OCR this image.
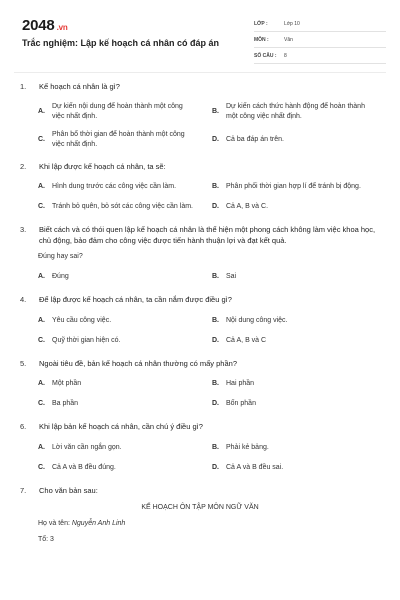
2048 .vn
Trắc nghiệm: Lập kế hoạch cá nhân có đáp án
LỚP :	Lớp 10
MÔN :	Văn
SỐ CÂU :	8
1.	Kế hoạch cá nhân là gì?
A.
Dự kiến nội dung để hoàn thành một công việc nhất định.
B.
Dự kiến cách thức hành động để hoàn thành một công việc nhất định.
C.
Phân bổ thời gian để hoàn thành một công việc nhất định.
D.	Cả ba đáp án trên.
2.	Khi lập được kế hoạch cá nhân, ta sẽ:
A.	Hình dung trước các công việc cần làm.	B.	Phân phối thời gian hợp lí để tránh bị động.
C.	Tránh bỏ quên, bỏ sót các công việc cần làm.	D.	Cả A, B và C.
3.	Biết cách và có thói quen lập kế hoạch cá nhân là thể hiện một phong cách không làm việc khoa học, chủ động, bảo đảm cho công việc được tiến hành thuận lợi và đạt kết quả.
Đúng hay sai?
A.	Đúng	B.	Sai
4.	Để lập được kế hoạch cá nhân, ta cần nắm được điều gì?
A.	Yêu cầu công việc.	B.	Nội dung công việc.
C.	Quỹ thời gian hiện có.	D.	Cả A, B và C
5.	Ngoài tiêu đề, bản kế hoạch cá nhân thường có mấy phần?
A.	Một phần	B.	Hai phần
C.	Ba phần	D.	Bốn phần
6.	Khi lập bản kế hoạch cá nhân, cần chú ý điều gì?
A.	Lời văn cần ngắn gọn.	B.	Phải kẻ bảng.
C.	Cả A và B đều đúng.	D.	Cả A và B đều sai.
7.	Cho văn bản sau:
KẾ HOẠCH ÔN TẬP MÔN NGỮ VĂN
Họ và tên: Nguyễn Anh Linh
Tổ: 3
